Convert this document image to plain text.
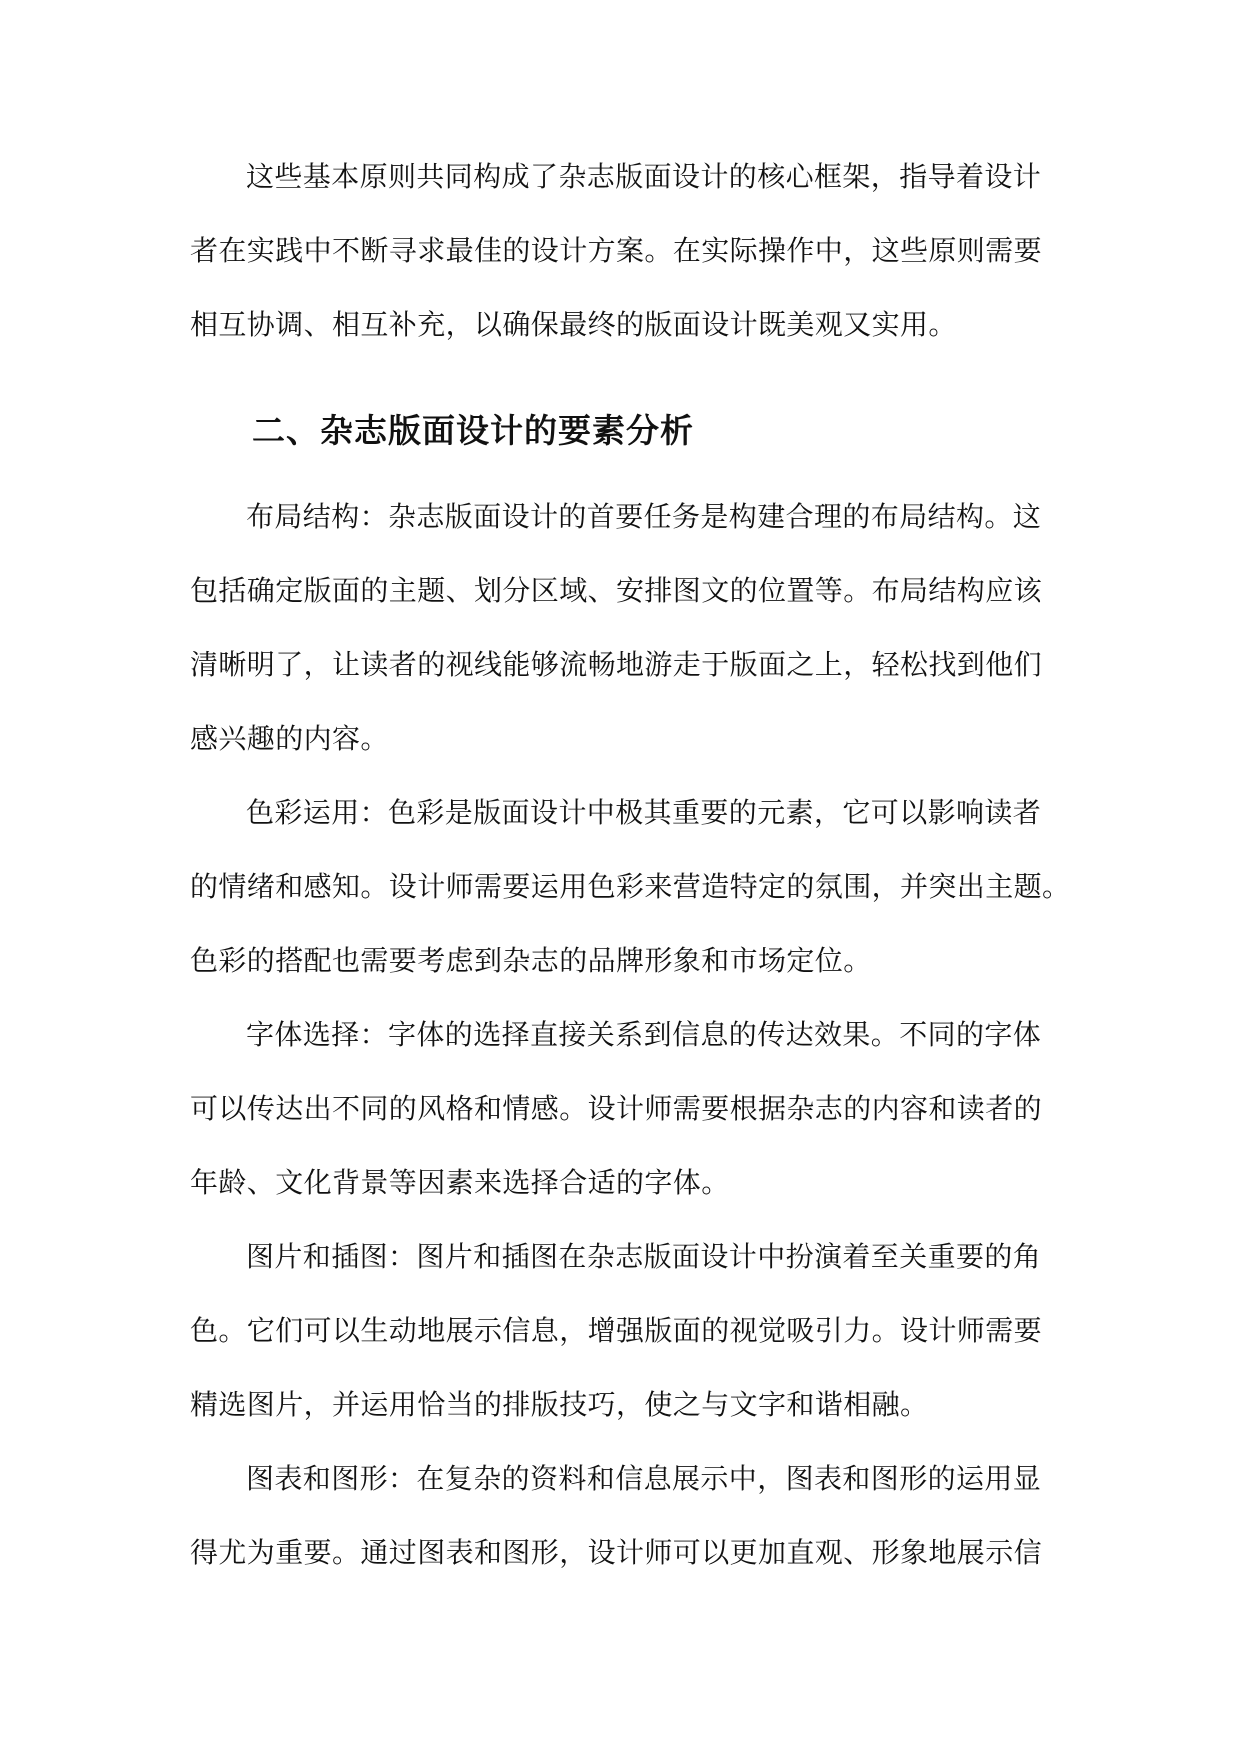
这些基本原则共同构成了杂志版面设计的核心框架，指导着设计
者在实践中不断寻求最佳的设计方案。在实际操作中，这些原则需要
相互协调、相互补充，以确保最终的版面设计既美观又实用。

二、杂志版面设计的要素分析

布局结构：杂志版面设计的首要任务是构建合理的布局结构。这
包括确定版面的主题、划分区域、安排图文的位置等。布局结构应该
清晰明了，让读者的视线能够流畅地游走于版面之上，轻松找到他们
感兴趣的内容。

色彩运用：色彩是版面设计中极其重要的元素，它可以影响读者
的情绪和感知。设计师需要运用色彩来营造特定的氛围，并突出主题。
色彩的搭配也需要考虑到杂志的品牌形象和市场定位。

字体选择：字体的选择直接关系到信息的传达效果。不同的字体
可以传达出不同的风格和情感。设计师需要根据杂志的内容和读者的
年龄、文化背景等因素来选择合适的字体。

图片和插图：图片和插图在杂志版面设计中扮演着至关重要的角
色。它们可以生动地展示信息，增强版面的视觉吸引力。设计师需要
精选图片，并运用恰当的排版技巧，使之与文字和谐相融。

图表和图形：在复杂的资料和信息展示中，图表和图形的运用显
得尤为重要。通过图表和图形，设计师可以更加直观、形象地展示信
